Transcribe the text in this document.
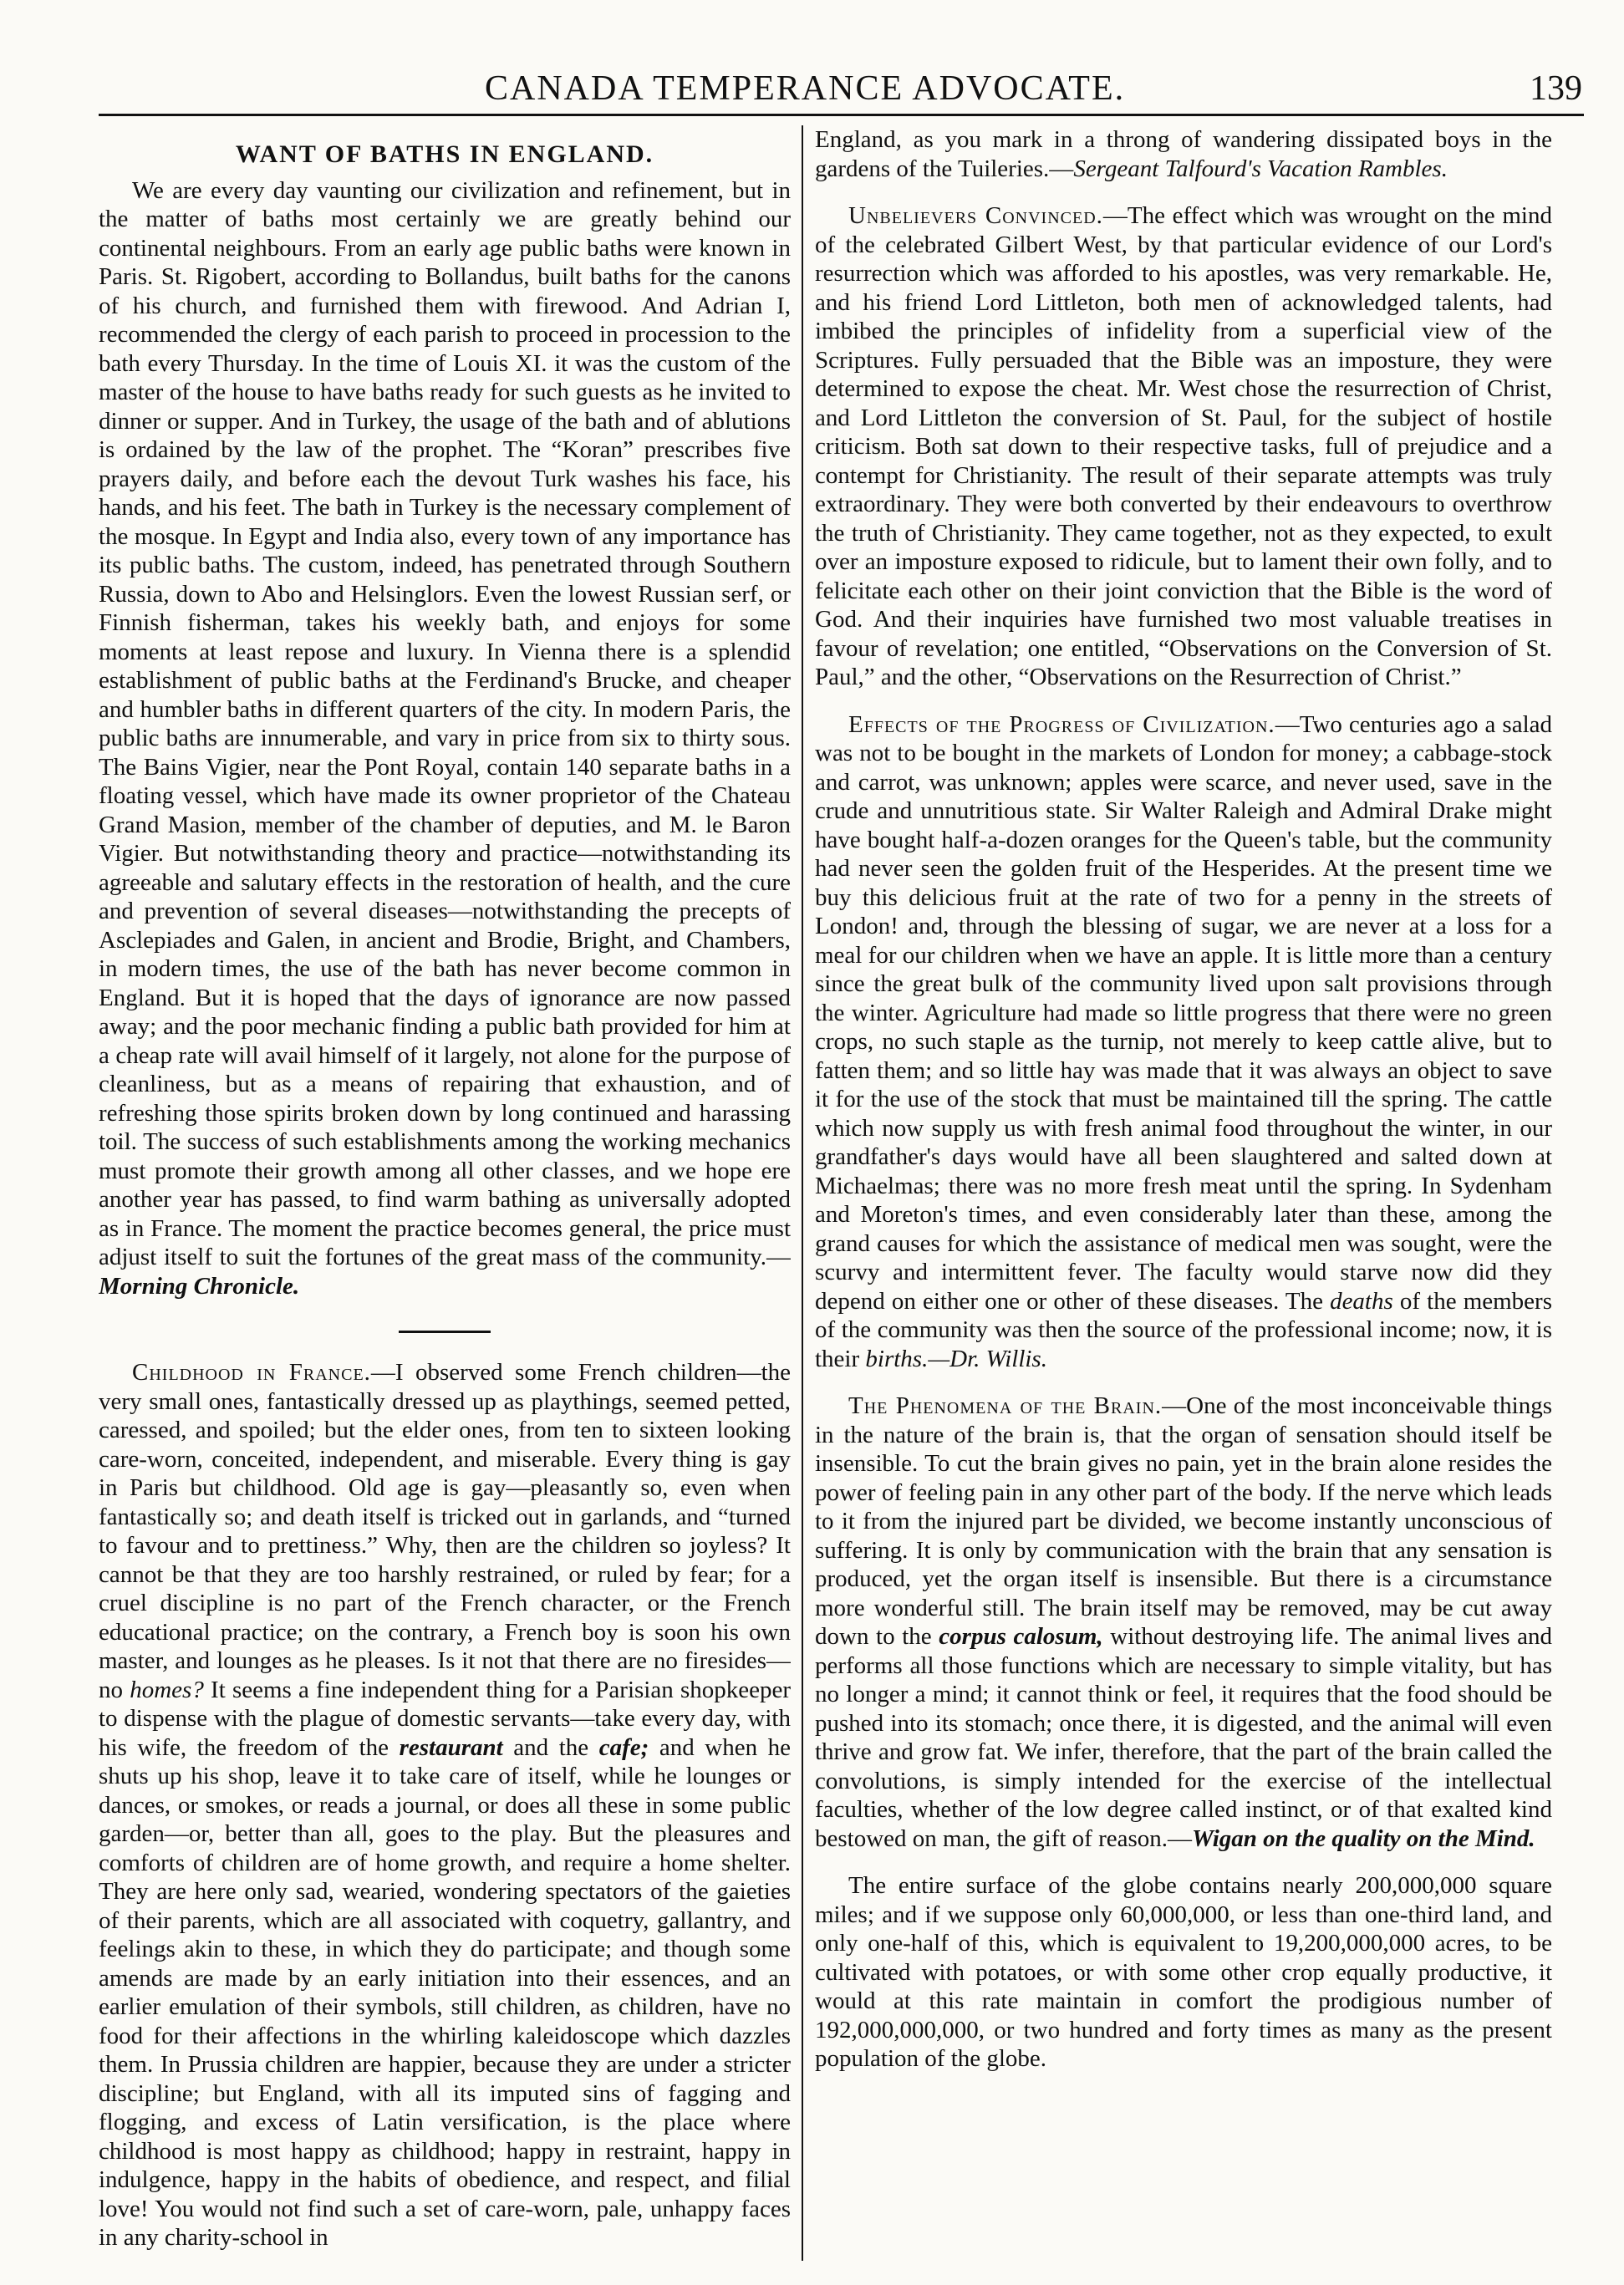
CANADA TEMPERANCE ADVOCATE.	139
WANT OF BATHS IN ENGLAND.

We are every day vaunting our civilization and refinement, but in the matter of baths most certainly we are greatly behind our continental neighbours. From an early age public baths were known in Paris. St. Rigobert, according to Bollandus, built baths for the canons of his church, and furnished them with firewood. And Adrian I, recommended the clergy of each parish to proceed in procession to the bath every Thursday. In the time of Louis XI. it was the custom of the master of the house to have baths ready for such guests as he invited to dinner or supper. And in Turkey, the usage of the bath and of ablutions is ordained by the law of the prophet. The “Koran” prescribes five prayers daily, and before each the devout Turk washes his face, his hands, and his feet. The bath in Turkey is the necessary complement of the mosque. In Egypt and India also, every town of any importance has its public baths. The custom, indeed, has penetrated through Southern Russia, down to Abo and Helsinglors. Even the lowest Russian serf, or Finnish fisherman, takes his weekly bath, and enjoys for some moments at least repose and luxury. In Vienna there is a splendid establishment of public baths at the Ferdinand's Brucke, and cheaper and humbler baths in different quarters of the city. In modern Paris, the public baths are innumerable, and vary in price from six to thirty sous. The Bains Vigier, near the Pont Royal, contain 140 separate baths in a floating vessel, which have made its owner proprietor of the Chateau Grand Masion, member of the chamber of deputies, and M. le Baron Vigier. But notwithstanding theory and practice—notwithstanding its agreeable and salutary effects in the restoration of health, and the cure and prevention of several diseases—notwithstanding the precepts of Asclepiades and Galen, in ancient and Brodie, Bright, and Chambers, in modern times, the use of the bath has never become common in England. But it is hoped that the days of ignorance are now passed away; and the poor mechanic finding a public bath provided for him at a cheap rate will avail himself of it largely, not alone for the purpose of cleanliness, but as a means of repairing that exhaustion, and of refreshing those spirits broken down by long continued and harassing toil. The success of such establishments among the working mechanics must promote their growth among all other classes, and we hope ere another year has passed, to find warm bathing as universally adopted as in France. The moment the practice becomes general, the price must adjust itself to suit the fortunes of the great mass of the community.—Morning Chronicle.

Childhood in France.—I observed some French children—the very small ones, fantastically dressed up as playthings, seemed petted, caressed, and spoiled; but the elder ones, from ten to sixteen looking care-worn, conceited, independent, and miserable. Every thing is gay in Paris but childhood. Old age is gay—pleasantly so, even when fantastically so; and death itself is tricked out in garlands, and “turned to favour and to prettiness.” Why, then are the children so joyless? It cannot be that they are too harshly restrained, or ruled by fear; for a cruel discipline is no part of the French character, or the French educational practice; on the contrary, a French boy is soon his own master, and lounges as he pleases. Is it not that there are no firesides—no homes? It seems a fine independent thing for a Parisian shopkeeper to dispense with the plague of domestic servants—take every day, with his wife, the freedom of the restaurant and the cafe; and when he shuts up his shop, leave it to take care of itself, while he lounges or dances, or smokes, or reads a journal, or does all these in some public garden—or, better than all, goes to the play. But the pleasures and comforts of children are of home growth, and require a home shelter. They are here only sad, wearied, wondering spectators of the gaieties of their parents, which are all associated with coquetry, gallantry, and feelings akin to these, in which they do participate; and though some amends are made by an early initiation into their essences, and an earlier emulation of their symbols, still children, as children, have no food for their affections in the whirling kaleidoscope which dazzles them. In Prussia children are happier, because they are under a stricter discipline; but England, with all its imputed sins of fagging and flogging, and excess of Latin versification, is the place where childhood is most happy as childhood; happy in restraint, happy in indulgence, happy in the habits of obedience, and respect, and filial love! You would not find such a set of care-worn, pale, unhappy faces in any charity-school in

England, as you mark in a throng of wandering dissipated boys in the gardens of the Tuileries.—Sergeant Talfourd's Vacation Rambles.

Unbelievers Convinced.—The effect which was wrought on the mind of the celebrated Gilbert West, by that particular evidence of our Lord's resurrection which was afforded to his apostles, was very remarkable. He, and his friend Lord Littleton, both men of acknowledged talents, had imbibed the principles of infidelity from a superficial view of the Scriptures. Fully persuaded that the Bible was an imposture, they were determined to expose the cheat. Mr. West chose the resurrection of Christ, and Lord Littleton the conversion of St. Paul, for the subject of hostile criticism. Both sat down to their respective tasks, full of prejudice and a contempt for Christianity. The result of their separate attempts was truly extraordinary. They were both converted by their endeavours to overthrow the truth of Christianity. They came together, not as they expected, to exult over an imposture exposed to ridicule, but to lament their own folly, and to felicitate each other on their joint conviction that the Bible is the word of God. And their inquiries have furnished two most valuable treatises in favour of revelation; one entitled, “Observations on the Conversion of St. Paul,” and the other, “Observations on the Resurrection of Christ.”

Effects of the Progress of Civilization.—Two centuries ago a salad was not to be bought in the markets of London for money; a cabbage-stock and carrot, was unknown; apples were scarce, and never used, save in the crude and unnutritious state. Sir Walter Raleigh and Admiral Drake might have bought half-a-dozen oranges for the Queen's table, but the community had never seen the golden fruit of the Hesperides. At the present time we buy this delicious fruit at the rate of two for a penny in the streets of London! and, through the blessing of sugar, we are never at a loss for a meal for our children when we have an apple. It is little more than a century since the great bulk of the community lived upon salt provisions through the winter. Agriculture had made so little progress that there were no green crops, no such staple as the turnip, not merely to keep cattle alive, but to fatten them; and so little hay was made that it was always an object to save it for the use of the stock that must be maintained till the spring. The cattle which now supply us with fresh animal food throughout the winter, in our grandfather's days would have all been slaughtered and salted down at Michaelmas; there was no more fresh meat until the spring. In Sydenham and Moreton's times, and even considerably later than these, among the grand causes for which the assistance of medical men was sought, were the scurvy and intermittent fever. The faculty would starve now did they depend on either one or other of these diseases. The deaths of the members of the community was then the source of the professional income; now, it is their births.—Dr. Willis.

The Phenomena of the Brain.—One of the most inconceivable things in the nature of the brain is, that the organ of sensation should itself be insensible. To cut the brain gives no pain, yet in the brain alone resides the power of feeling pain in any other part of the body. If the nerve which leads to it from the injured part be divided, we become instantly unconscious of suffering. It is only by communication with the brain that any sensation is produced, yet the organ itself is insensible. But there is a circumstance more wonderful still. The brain itself may be removed, may be cut away down to the corpus calosum, without destroying life. The animal lives and performs all those functions which are necessary to simple vitality, but has no longer a mind; it cannot think or feel, it requires that the food should be pushed into its stomach; once there, it is digested, and the animal will even thrive and grow fat. We infer, therefore, that the part of the brain called the convolutions, is simply intended for the exercise of the intellectual faculties, whether of the low degree called instinct, or of that exalted kind bestowed on man, the gift of reason.—Wigan on the quality on the Mind.

The entire surface of the globe contains nearly 200,000,000 square miles; and if we suppose only 60,000,000, or less than one-third land, and only one-half of this, which is equivalent to 19,200,000,000 acres, to be cultivated with potatoes, or with some other crop equally productive, it would at this rate maintain in comfort the prodigious number of 192,000,000,000, or two hundred and forty times as many as the present population of the globe.
